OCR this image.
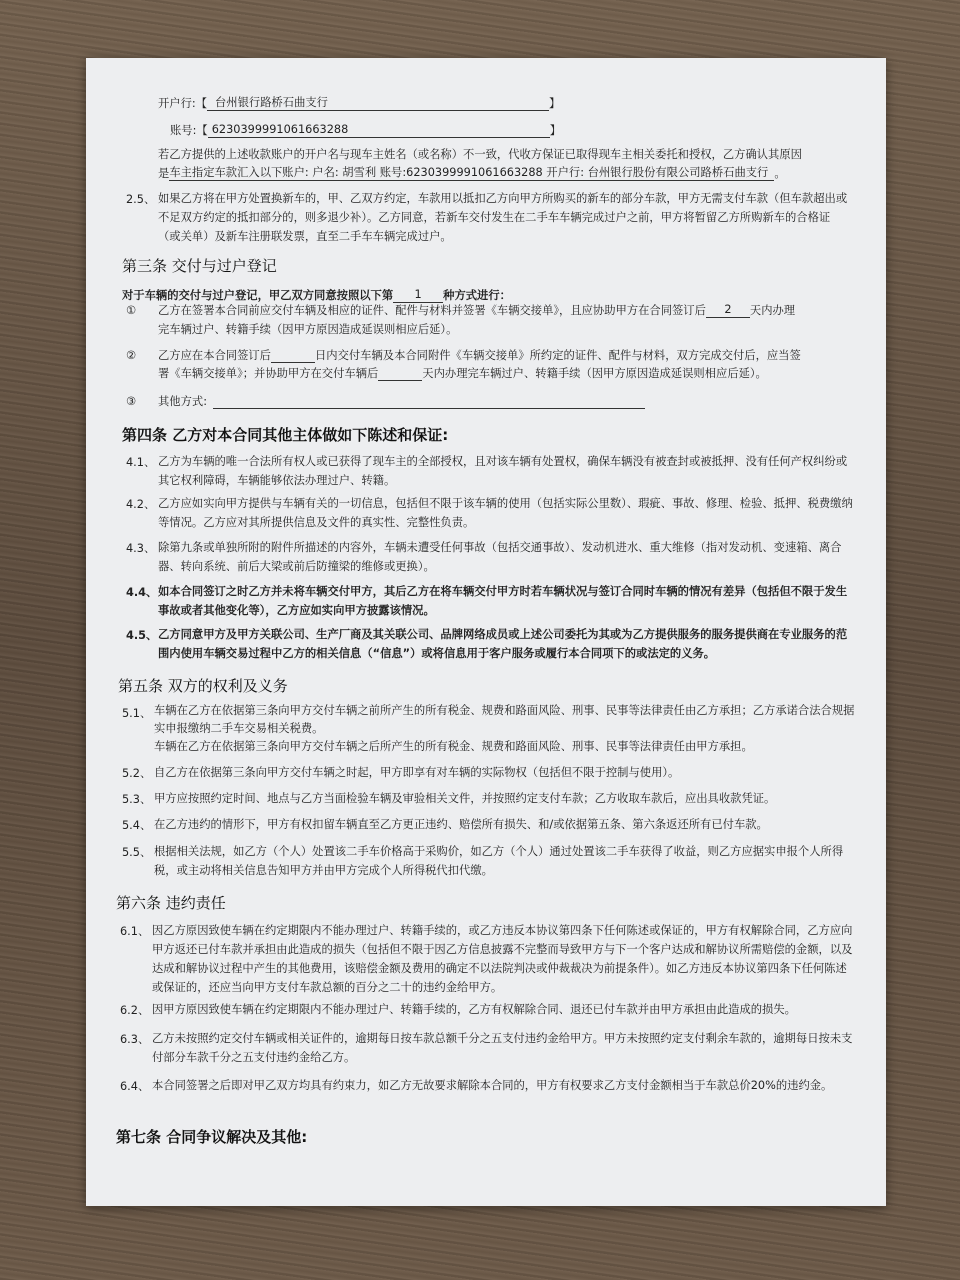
开户行:【 台州银行路桥石曲支行	】
账号:【 6230399991061663288	】
若乙方提供的上述收款账户的开户名与现车主姓名（或名称）不一致，代收方保证已取得现车主相关委托和授权，乙方确认其原因
是车主指定车款汇入以下账户: 户名: 胡雪利 账号:6230399991061663288 开户行: 台州银行股份有限公司路桥石曲支行 。
2.5、 如果乙方将在甲方处置换新车的，甲、乙双方约定，车款用以抵扣乙方向甲方所购买的新车的部分车款，甲方无需支付车款（但车款超出或不足双方约定的抵扣部分的，则多退少补）。乙方同意，若新车交付发生在二手车车辆完成过户之前，甲方将暂留乙方所购新车的合格证（或关单）及新车注册联发票，直至二手车车辆完成过户。
第三条 交付与过户登记
对于车辆的交付与过户登记，甲乙双方同意按照以下第 1 种方式进行：
① 乙方在签署本合同前应交付车辆及相应的证件、配件与材料并签署《车辆交接单》，且应协助甲方在合同签订后 2 天内办理
完车辆过户、转籍手续（因甲方原因造成延误则相应后延）。
② 乙方应在本合同签订后	日内交付车辆及本合同附件《车辆交接单》所约定的证件、配件与材料，双方完成交付后，应当签
署《车辆交接单》；并协助甲方在交付车辆后	天内办理完车辆过户、转籍手续（因甲方原因造成延误则相应后延）。
③ 其他方式:
第四条 乙方对本合同其他主体做如下陈述和保证:
4.1、 乙方为车辆的唯一合法所有权人或已获得了现车主的全部授权，且对该车辆有处置权，确保车辆没有被查封或被抵押、没有任何产权纠纷或其它权利障碍，车辆能够依法办理过户、转籍。
4.2、 乙方应如实向甲方提供与车辆有关的一切信息，包括但不限于该车辆的使用（包括实际公里数）、瑕疵、事故、修理、检验、抵押、税费缴纳等情况。乙方应对其所提供信息及文件的真实性、完整性负责。
4.3、 除第九条或单独所附的附件所描述的内容外，车辆未遭受任何事故（包括交通事故）、发动机进水、重大维修（指对发动机、变速箱、离合器、转向系统、前后大梁或前后防撞梁的维修或更换）。
4.4、 如本合同签订之时乙方并未将车辆交付甲方，其后乙方在将车辆交付甲方时若车辆状况与签订合同时车辆的情况有差异（包括但不限于发生事故或者其他变化等），乙方应如实向甲方披露该情况。
4.5、 乙方同意甲方及甲方关联公司、生产厂商及其关联公司、品牌网络成员或上述公司委托为其或为乙方提供服务的服务提供商在专业服务的范围内使用车辆交易过程中乙方的相关信息（“信息”）或将信息用于客户服务或履行本合同项下的或法定的义务。
第五条 双方的权利及义务
5.1、 车辆在乙方在依据第三条向甲方交付车辆之前所产生的所有税金、规费和路面风险、刑事、民事等法律责任由乙方承担；乙方承诺合法合规据实申报缴纳二手车交易相关税费。
车辆在乙方在依据第三条向甲方交付车辆之后所产生的所有税金、规费和路面风险、刑事、民事等法律责任由甲方承担。
5.2、 自乙方在依据第三条向甲方交付车辆之时起，甲方即享有对车辆的实际物权（包括但不限于控制与使用）。
5.3、 甲方应按照约定时间、地点与乙方当面检验车辆及审验相关文件，并按照约定支付车款；乙方收取车款后，应出具收款凭证。
5.4、 在乙方违约的情形下，甲方有权扣留车辆直至乙方更正违约、赔偿所有损失、和/或依据第五条、第六条返还所有已付车款。
5.5、 根据相关法规，如乙方（个人）处置该二手车价格高于采购价，如乙方（个人）通过处置该二手车获得了收益，则乙方应据实申报个人所得税，或主动将相关信息告知甲方并由甲方完成个人所得税代扣代缴。
第六条 违约责任
6.1、 因乙方原因致使车辆在约定期限内不能办理过户、转籍手续的，或乙方违反本协议第四条下任何陈述或保证的，甲方有权解除合同，乙方应向甲方返还已付车款并承担由此造成的损失（包括但不限于因乙方信息披露不完整而导致甲方与下一个客户达成和解协议所需赔偿的金额，以及达成和解协议过程中产生的其他费用，该赔偿金额及费用的确定不以法院判决或仲裁裁决为前提条件）。如乙方违反本协议第四条下任何陈述或保证的，还应当向甲方支付车款总额的百分之二十的违约金给甲方。
6.2、 因甲方原因致使车辆在约定期限内不能办理过户、转籍手续的，乙方有权解除合同、退还已付车款并由甲方承担由此造成的损失。
6.3、 乙方未按照约定交付车辆或相关证件的，逾期每日按车款总额千分之五支付违约金给甲方。甲方未按照约定支付剩余车款的，逾期每日按未支付部分车款千分之五支付违约金给乙方。
6.4、 本合同签署之后即对甲乙双方均具有约束力，如乙方无故要求解除本合同的，甲方有权要求乙方支付金额相当于车款总价20%的违约金。
第七条 合同争议解决及其他:
